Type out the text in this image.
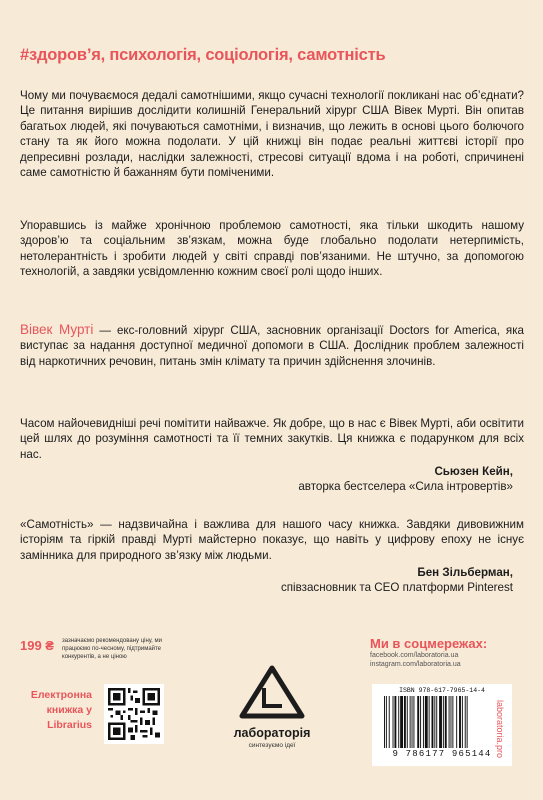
#здоров’я, психологія, соціологія, самотність
Чому ми почуваємося дедалі самотнішими, якщо сучасні технології покликані нас об’єднати? Це питання вирішив дослідити колишній Генеральний хірург США Вівек Мурті. Він опитав багатьох людей, які почуваються самотніми, і визначив, що лежить в основі цього болючого стану та як його можна подолати. У цій книжці він подає реальні життєві історії про депресивні розлади, наслідки залежності, стресові ситуації вдома і на роботі, спричинені саме самотністю й бажанням бути поміченими.
Упоравшись із майже хронічною проблемою самотності, яка тільки шкодить нашому здоров’ю та соціальним зв’язкам, можна буде глобально подолати нетерпимість, нетолерантність і зробити людей у світі справді пов’язаними. Не штучно, за допомогою технологій, а завдяки усвідомленню кожним своєї ролі щодо інших.
Вівек Мурті — екс-головний хірург США, засновник організації Doctors for America, яка виступає за надання доступної медичної допомоги в США. Дослідник проблем залежності від наркотичних речовин, питань змін клімату та причин здійснення злочинів.
Часом найочевидніші речі помітити найважче. Як добре, що в нас є Вівек Мурті, аби освітити цей шлях до розуміння самотності та її темних закутків. Ця книжка є подарунком для всіх нас.
Сьюзен Кейн,
авторка бестселера «Сила інтровертів»
«Самотність» — надзвичайна і важлива для нашого часу книжка. Завдяки дивовижним історіям та гіркій правді Мурті майстерно показує, що навіть у цифрову епоху не існує замінника для природного зв’язку між людьми.
Бен Зільберман,
співзасновник та CEO платформи Pinterest
199 ₴ зазначаємо рекомендовану ціну, ми працюємо по-чесному, підтримайте конкурентів, а не ціною
Електронна книжка у Librarius
лабораторія
синтезуємо ідеї
Ми в соцмережах:
facebook.com/laboratoria.ua
instagram.com/laboratoria.ua
ISBN 978-617-7965-14-4
9 786177 965144 laboratoria.pro
